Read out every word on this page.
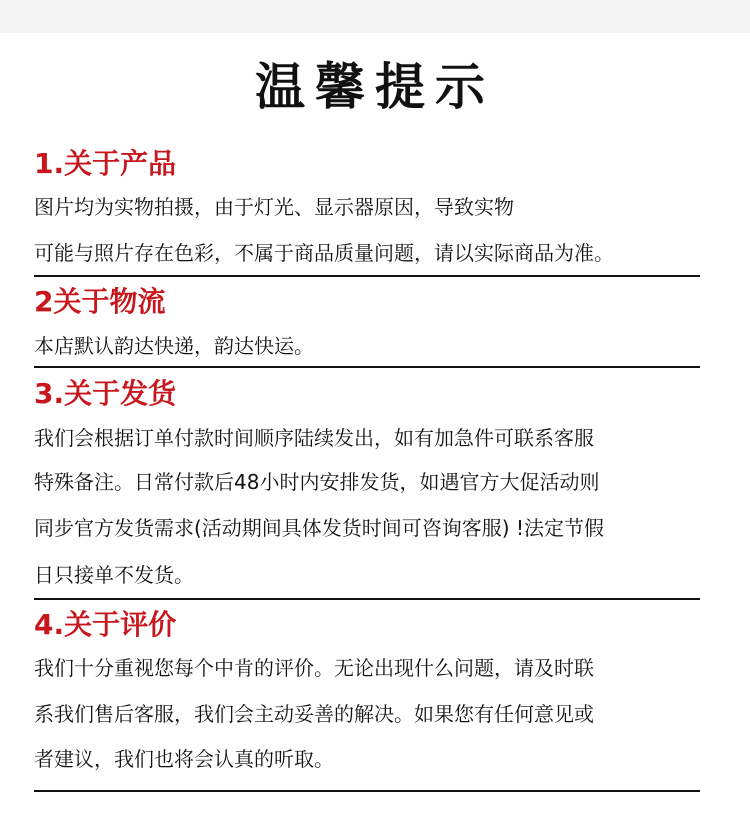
温馨提示
1.关于产品
图片均为实物拍摄，由于灯光、显示器原因，导致实物
可能与照片存在色彩，不属于商品质量问题，请以实际商品为准。
2关于物流
本店默认韵达快递，韵达快运。
3.关于发货
我们会根据订单付款时间顺序陆续发出，如有加急件可联系客服
特殊备注。日常付款后48小时内安排发货，如遇官方大促活动则
同步官方发货需求(活动期间具体发货时间可咨询客服) !法定节假
日只接单不发货。
4.关于评价
我们十分重视您每个中肯的评价。无论出现什么问题，请及时联
系我们售后客服，我们会主动妥善的解决。如果您有任何意见或
者建议，我们也将会认真的听取。
